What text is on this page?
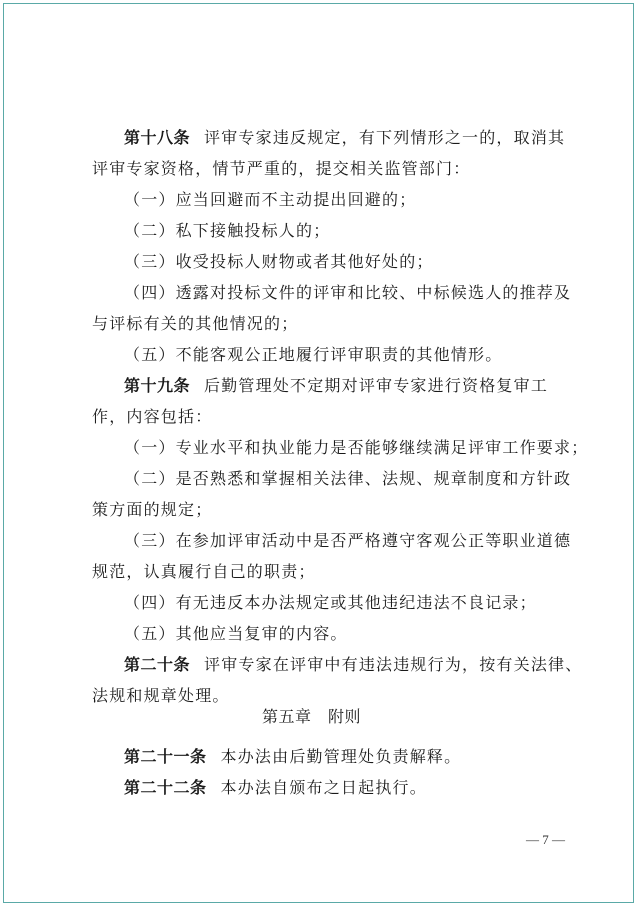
第十八条 评审专家违反规定，有下列情形之一的，取消其
评审专家资格，情节严重的，提交相关监管部门：
（一）应当回避而不主动提出回避的；
（二）私下接触投标人的；
（三）收受投标人财物或者其他好处的；
（四）透露对投标文件的评审和比较、中标候选人的推荐及
与评标有关的其他情况的；
（五）不能客观公正地履行评审职责的其他情形。
第十九条 后勤管理处不定期对评审专家进行资格复审工
作，内容包括：
（一）专业水平和执业能力是否能够继续满足评审工作要求；
（二）是否熟悉和掌握相关法律、法规、规章制度和方针政
策方面的规定；
（三）在参加评审活动中是否严格遵守客观公正等职业道德
规范，认真履行自己的职责；
（四）有无违反本办法规定或其他违纪违法不良记录；
（五）其他应当复审的内容。
第二十条 评审专家在评审中有违法违规行为，按有关法律、
法规和规章处理。
第五章　附则
第二十一条 本办法由后勤管理处负责解释。
第二十二条 本办法自颁布之日起执行。
— 7 —
